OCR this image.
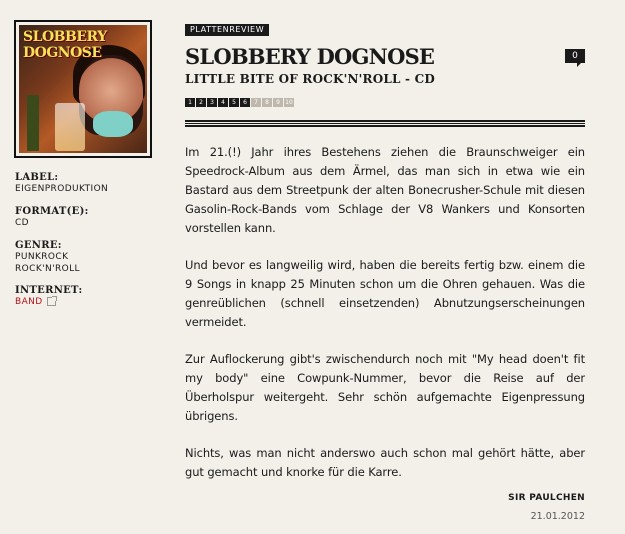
SLOBBERY
DOGNOSE
LABEL:
EIGENPRODUKTION
FORMAT(E):
CD
GENRE:
PUNKROCK
ROCK'N'ROLL
INTERNET:
BAND
PLATTENREVIEW
SLOBBERY DOGNOSE
LITTLE BITE OF ROCK'N'ROLL - CD
0
1	2	3	4	5	6	7	8	9 10

Im 21.(!) Jahr ihres Bestehens ziehen die Braunschweiger ein Speedrock-Album aus dem Ärmel, das man sich in etwa wie ein Bastard aus dem Streetpunk der alten Bonecrusher-Schule mit diesen Gasolin-Rock-Bands vom Schlage der V8 Wankers und Konsorten vorstellen kann.

Und bevor es langweilig wird, haben die bereits fertig bzw. einem die 9 Songs in knapp 25 Minuten schon um die Ohren gehauen. Was die genreüblichen (schnell einsetzenden) Abnutzungserscheinungen vermeidet.

Zur Auflockerung gibt's zwischendurch noch mit "My head doen't fit my body" eine Cowpunk-Nummer, bevor die Reise auf der Überholspur weitergeht. Sehr schön aufgemachte Eigenpressung übrigens.

Nichts, was man nicht anderswo auch schon mal gehört hätte, aber gut gemacht und knorke für die Karre.

SIR PAULCHEN
21.01.2012
